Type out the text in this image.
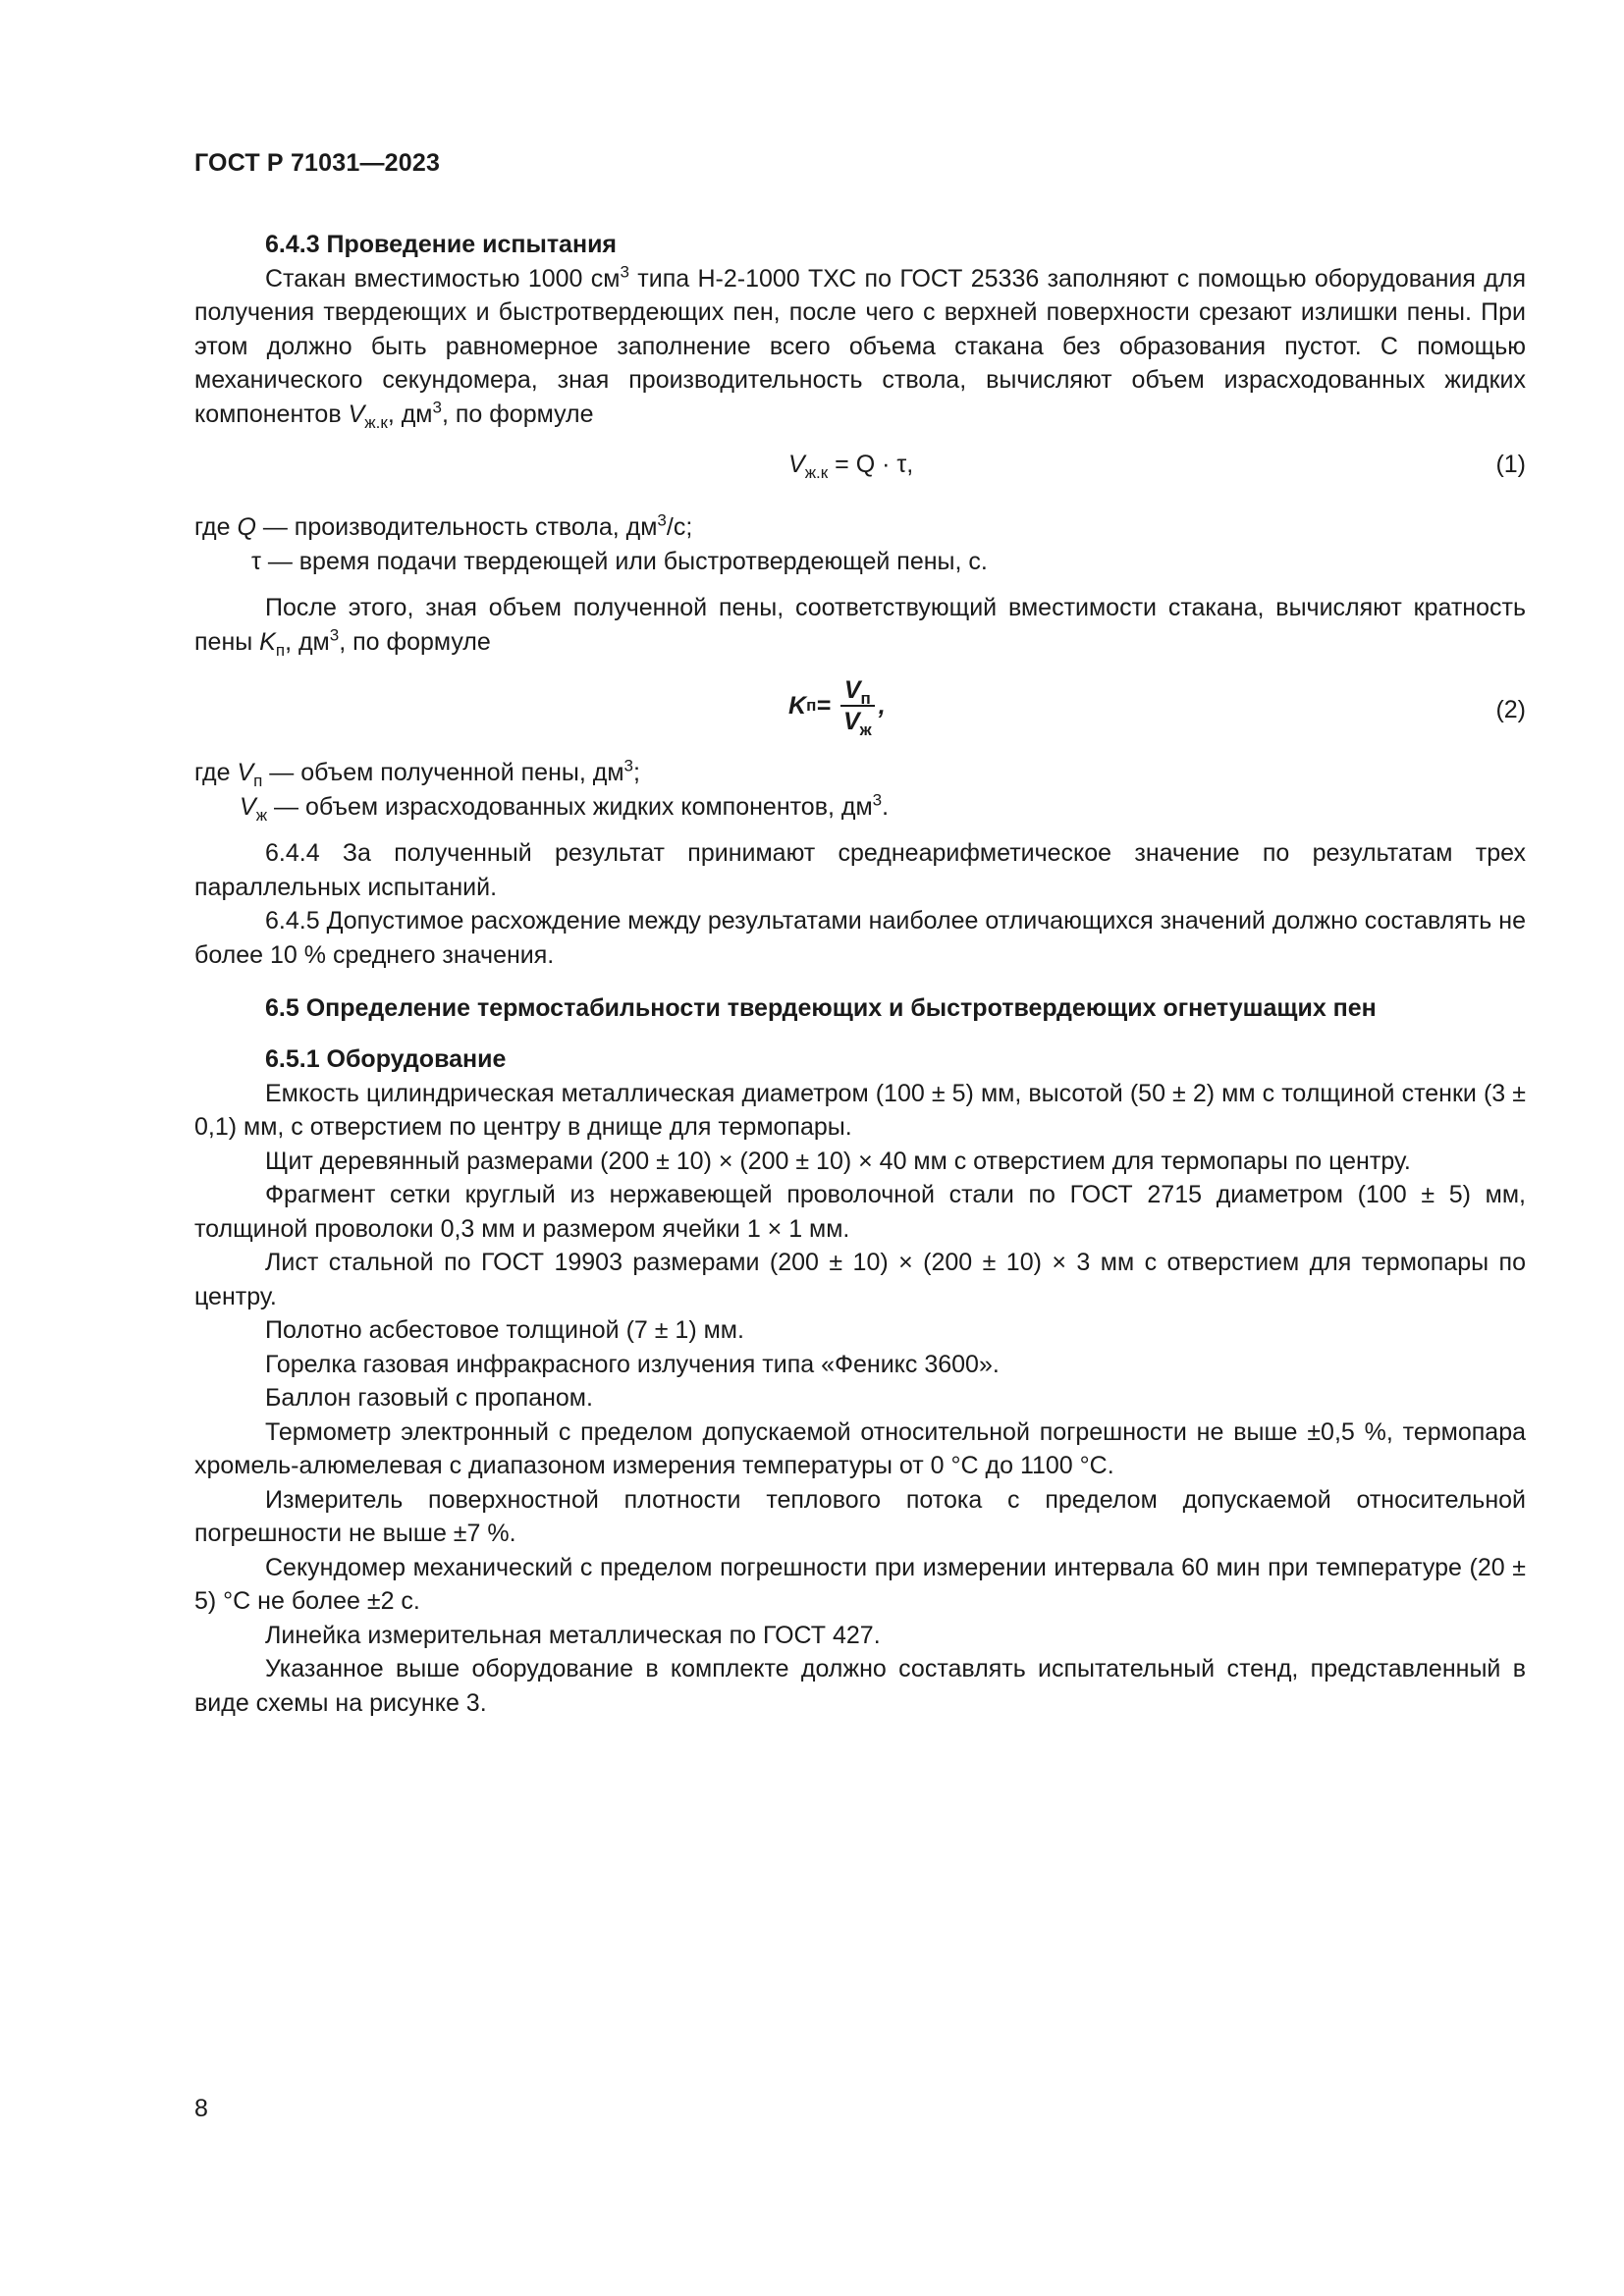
ГОСТ Р 71031—2023

6.4.3 Проведение испытания

Стакан вместимостью 1000 $см^3$ типа Н-2-1000 ТХС по ГОСТ 25336 заполняют с помощью оборудования для получения твердеющих и быстротвердеющих пен, после чего с верхней поверхности срезают излишки пены. При этом должно быть равномерное заполнение всего объема стакана без образования пустот. С помощью механического секундомера, зная производительность ствола, вычисляют объем израсходованных жидких компонентов $V_{ж.к}$, $дм^3$, по формуле

$V_{ж.к} = Q \cdot \tau$,	(1)

где Q — производительность ствола, $дм^3/с$;

τ — время подачи твердеющей или быстротвердеющей пены, с.

После этого, зная объем полученной пены, соответствующий вместимости стакана, вычисляют кратность пены $K_п$, $дм^3$, по формуле

K $п = \frac{V_п}{V_ж}$ ,	(2)

где $V_п$ — объем полученной пены, $дм^3$;

$V_ж$ — объем израсходованных жидких компонентов, $дм^3$.

6.4.4 За полученный результат принимают среднеарифметическое значение по результатам трех параллельных испытаний.

6.4.5 Допустимое расхождение между результатами наиболее отличающихся значений должно составлять не более 10 % среднего значения.

6.5 Определение термостабильности твердеющих и быстротвердеющих огнетушащих пен

6.5.1 Оборудование

Емкость цилиндрическая металлическая диаметром (100 ± 5) мм, высотой (50 ± 2) мм с толщиной стенки (3 ± 0,1) мм, с отверстием по центру в днище для термопары.

Щит деревянный размерами (200 ± 10) × (200 ± 10) × 40 мм с отверстием для термопары по центру.

Фрагмент сетки круглый из нержавеющей проволочной стали по ГОСТ 2715 диаметром (100 ± 5) мм, толщиной проволоки 0,3 мм и размером ячейки 1 × 1 мм.

Лист стальной по ГОСТ 19903 размерами (200 ± 10) × (200 ± 10) × 3 мм с отверстием для термопары по центру.

Полотно асбестовое толщиной (7 ± 1) мм.

Горелка газовая инфракрасного излучения типа «Феникс 3600».

Баллон газовый с пропаном.

Термометр электронный с пределом допускаемой относительной погрешности не выше ±0,5 %, термопара хромель-алюмелевая с диапазоном измерения температуры от 0 °С до 1100 °С.

Измеритель поверхностной плотности теплового потока с пределом допускаемой относительной погрешности не выше ±7 %.

Секундомер механический с пределом погрешности при измерении интервала 60 мин при температуре (20 ± 5) °С не более ±2 с.

Линейка измерительная металлическая по ГОСТ 427.

Указанное выше оборудование в комплекте должно составлять испытательный стенд, представленный в виде схемы на рисунке 3.

8
